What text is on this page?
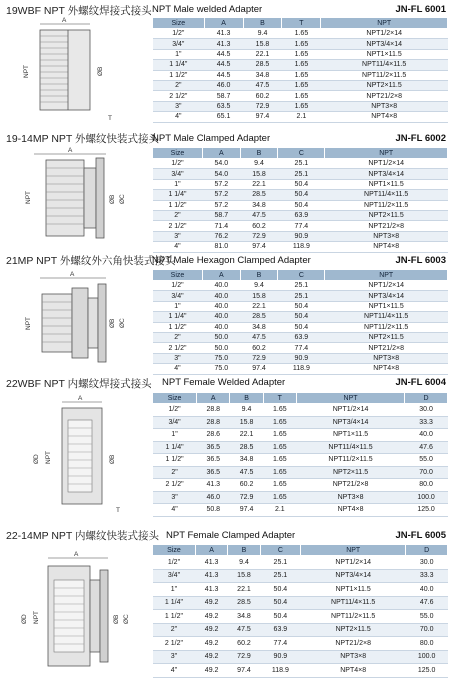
19WBF NPT 外螺纹焊接式接头 NPT Male welded Adapter	JN-FL 6001
A
NPT	ØB
T
Size	A	B	T	NPT
1/2"	41.3	9.4	1.65	NPT1/2×14
3/4"	41.3	15.8	1.65	NPT3/4×14
1"	44.5	22.1	1.65	NPT1×11.5
1 1/4"	44.5	28.5	1.65	NPT11/4×11.5
1 1/2"	44.5	34.8	1.65	NPT11/2×11.5
2"	46.0	47.5	1.65	NPT2×11.5
2 1/2"	58.7	60.2	1.65	NPT21/2×8
3"	63.5	72.9	1.65	NPT3×8
4"	65.1	97.4	2.1	NPT4×8
19-14MP NPT 外螺纹快装式接头
NPT Male Clamped Adapter	JN-FL 6002
A
NPT	ØB ØC
Size	A	B	C	NPT
1/2"	54.0	9.4	25.1	NPT1/2×14
3/4"	54.0	15.8	25.1	NPT3/4×14
1"	57.2	22.1	50.4	NPT1×11.5
1 1/4"	57.2	28.5	50.4	NPT11/4×11.5
1 1/2"	57.2	34.8	50.4	NPT11/2×11.5
2"	58.7	47.5	63.9	NPT2×11.5
2 1/2"	71.4	60.2	77.4	NPT21/2×8
3"	76.2	72.9	90.9	NPT3×8
4"	81.0	97.4	118.9	NPT4×8
21MP NPT 外螺纹外六角快装式接头
NPT Male Hexagon Clamped Adapter	JN-FL 6003
A
NPT	ØB ØC
Size	A	B	C	NPT
1/2"	40.0	9.4	25.1	NPT1/2×14
3/4"	40.0	15.8	25.1	NPT3/4×14
1"	40.0	22.1	50.4	NPT1×11.5
1 1/4"	40.0	28.5	50.4	NPT11/4×11.5
1 1/2"	40.0	34.8	50.4	NPT11/2×11.5
2"	50.0	47.5	63.9	NPT2×11.5
2 1/2"	50.0	60.2	77.4	NPT21/2×8
3"	75.0	72.9	90.9	NPT3×8
4"	75.0	97.4	118.9	NPT4×8
22WBF NPT 内螺纹焊接式接头 NPT Female Welded Adapter	JN-FL 6004
A
ØD NPT	ØB
T
Size	A	B	T	NPT	D
1/2"	28.8	9.4	1.65	NPT1/2×14	30.0
3/4"	28.8	15.8	1.65	NPT3/4×14	33.3
1"	28.6	22.1	1.65	NPT1×11.5	40.0
1 1/4"	36.5	28.5	1.65	NPT11/4×11.5	47.6
1 1/2"	36.5	34.8	1.65	NPT11/2×11.5	55.0
2"	36.5	47.5	1.65	NPT2×11.5	70.0
2 1/2"	41.3	60.2	1.65	NPT21/2×8	80.0
3"	46.0	72.9	1.65	NPT3×8	100.0
4"	50.8	97.4	2.1	NPT4×8	125.0
22-14MP NPT 内螺纹快装式接头 NPT Female Clamped Adapter	JN-FL 6005
A
ØD NPT	ØB ØC
Size	A	B	C	NPT	D
1/2"	41.3	9.4	25.1	NPT1/2×14	30.0
3/4"	41.3	15.8	25.1	NPT3/4×14	33.3
1"	41.3	22.1	50.4	NPT1×11.5	40.0
1 1/4"	49.2	28.5	50.4	NPT11/4×11.5	47.6
1 1/2"	49.2	34.8	50.4	NPT11/2×11.5	55.0
2"	49.2	47.5	63.9	NPT2×11.5	70.0
2 1/2"	49.2	60.2	77.4	NPT21/2×8	80.0
3"	49.2	72.9	90.9	NPT3×8	100.0
4"	49.2	97.4	118.9	NPT4×8	125.0
